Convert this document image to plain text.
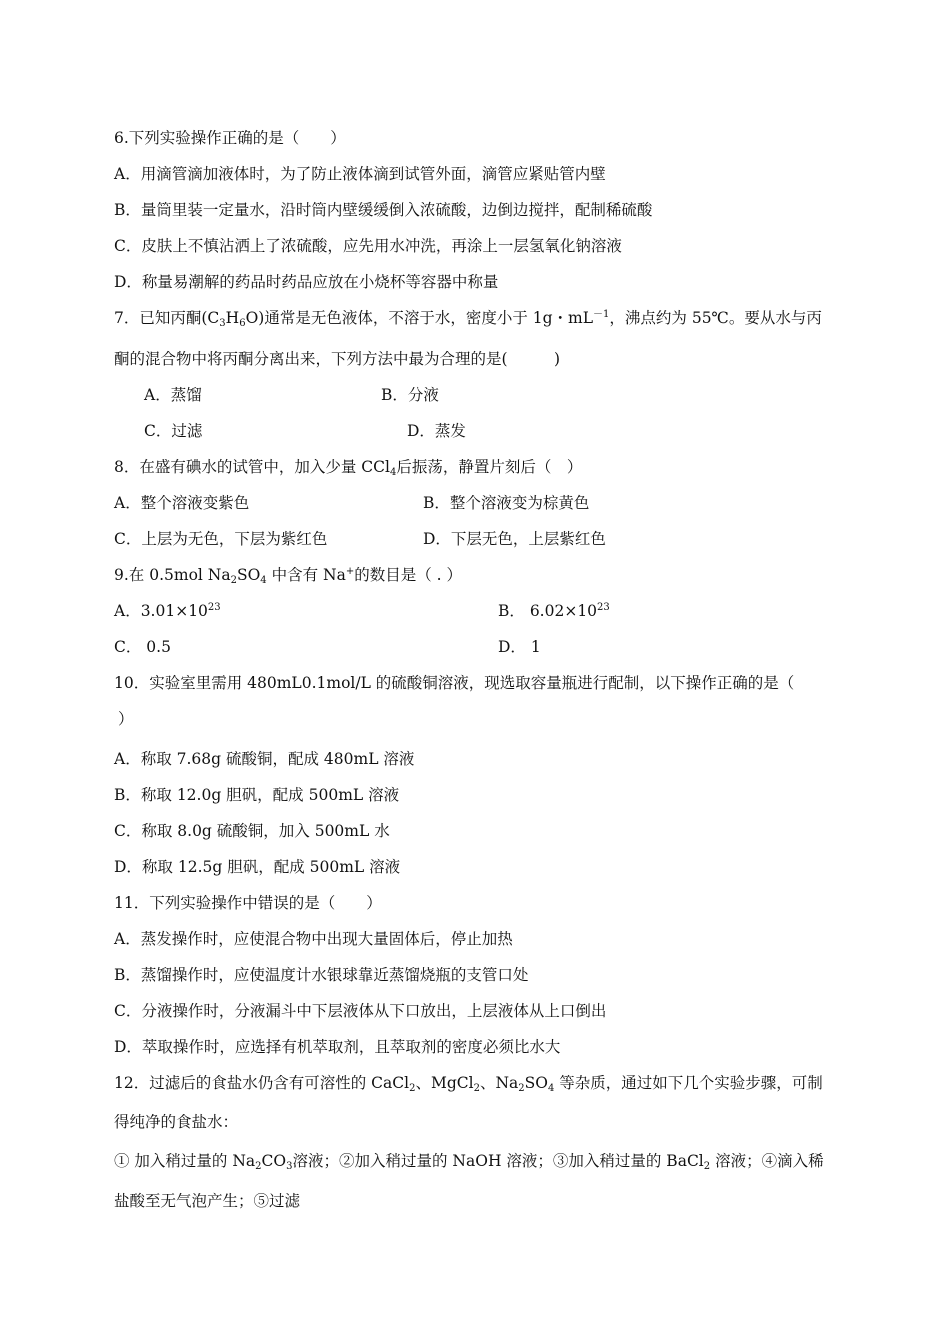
6.下列实验操作正确的是（　　）
A．用滴管滴加液体时，为了防止液体滴到试管外面，滴管应紧贴管内壁
B．量筒里装一定量水，沿时筒内壁缓缓倒入浓硫酸，边倒边搅拌，配制稀硫酸
C．皮肤上不慎沾洒上了浓硫酸，应先用水冲洗，再涂上一层氢氧化钠溶液
D．称量易潮解的药品时药品应放在小烧杯等容器中称量
7．已知丙酮$(C_3H_6O)$通常是无色液体，不溶于水，密度小于 1g・$mL^{-1}$，沸点约为 55℃。要从水与丙
酮的混合物中将丙酮分离出来，下列方法中最为合理的是(　　　)
A．蒸馏	B．分液
C．过滤	D．蒸发
8．在盛有碘水的试管中，加入少量 CCl$_4$后振荡，静置片刻后（　）
A．整个溶液变紫色	B．整个溶液变为棕黄色
C．上层为无色，下层为紫红色	D．下层无色，上层紫红色
9.在 0.5mol $Na_2SO_4$ 中含有 Na+的数目是（ . ）
A．$3.01\times 10^{23}$	B． $6.02\times 10^{23}$
C． 0.5	D． 1
10．实验室里需用 480mL0.1mol/L 的硫酸铜溶液，现选取容量瓶进行配制，以下操作正确的是（
）
A．称取 7.68g 硫酸铜，配成 480mL 溶液
B．称取 12.0g 胆矾，配成 500mL 溶液
C．称取 8.0g 硫酸铜，加入 500mL 水
D．称取 12.5g 胆矾，配成 500mL 溶液
11．下列实验操作中错误的是（　　）
A．蒸发操作时，应使混合物中出现大量固体后，停止加热
B．蒸馏操作时，应使温度计水银球靠近蒸馏烧瓶的支管口处
C．分液操作时，分液漏斗中下层液体从下口放出，上层液体从上口倒出
D．萃取操作时，应选择有机萃取剂，且萃取剂的密度必须比水大
12．过滤后的食盐水仍含有可溶性的 CaCl$_2$、MgCl$_2$、$Na_2SO_4$ 等杂质，通过如下几个实验步骤，可制
得纯净的食盐水：
① 加入稍过量的 $Na_2CO_3$溶液；②加入稍过量的 NaOH 溶液；③加入稍过量的 BaCl$_2$ 溶液；④滴入稀
盐酸至无气泡产生；⑤过滤
